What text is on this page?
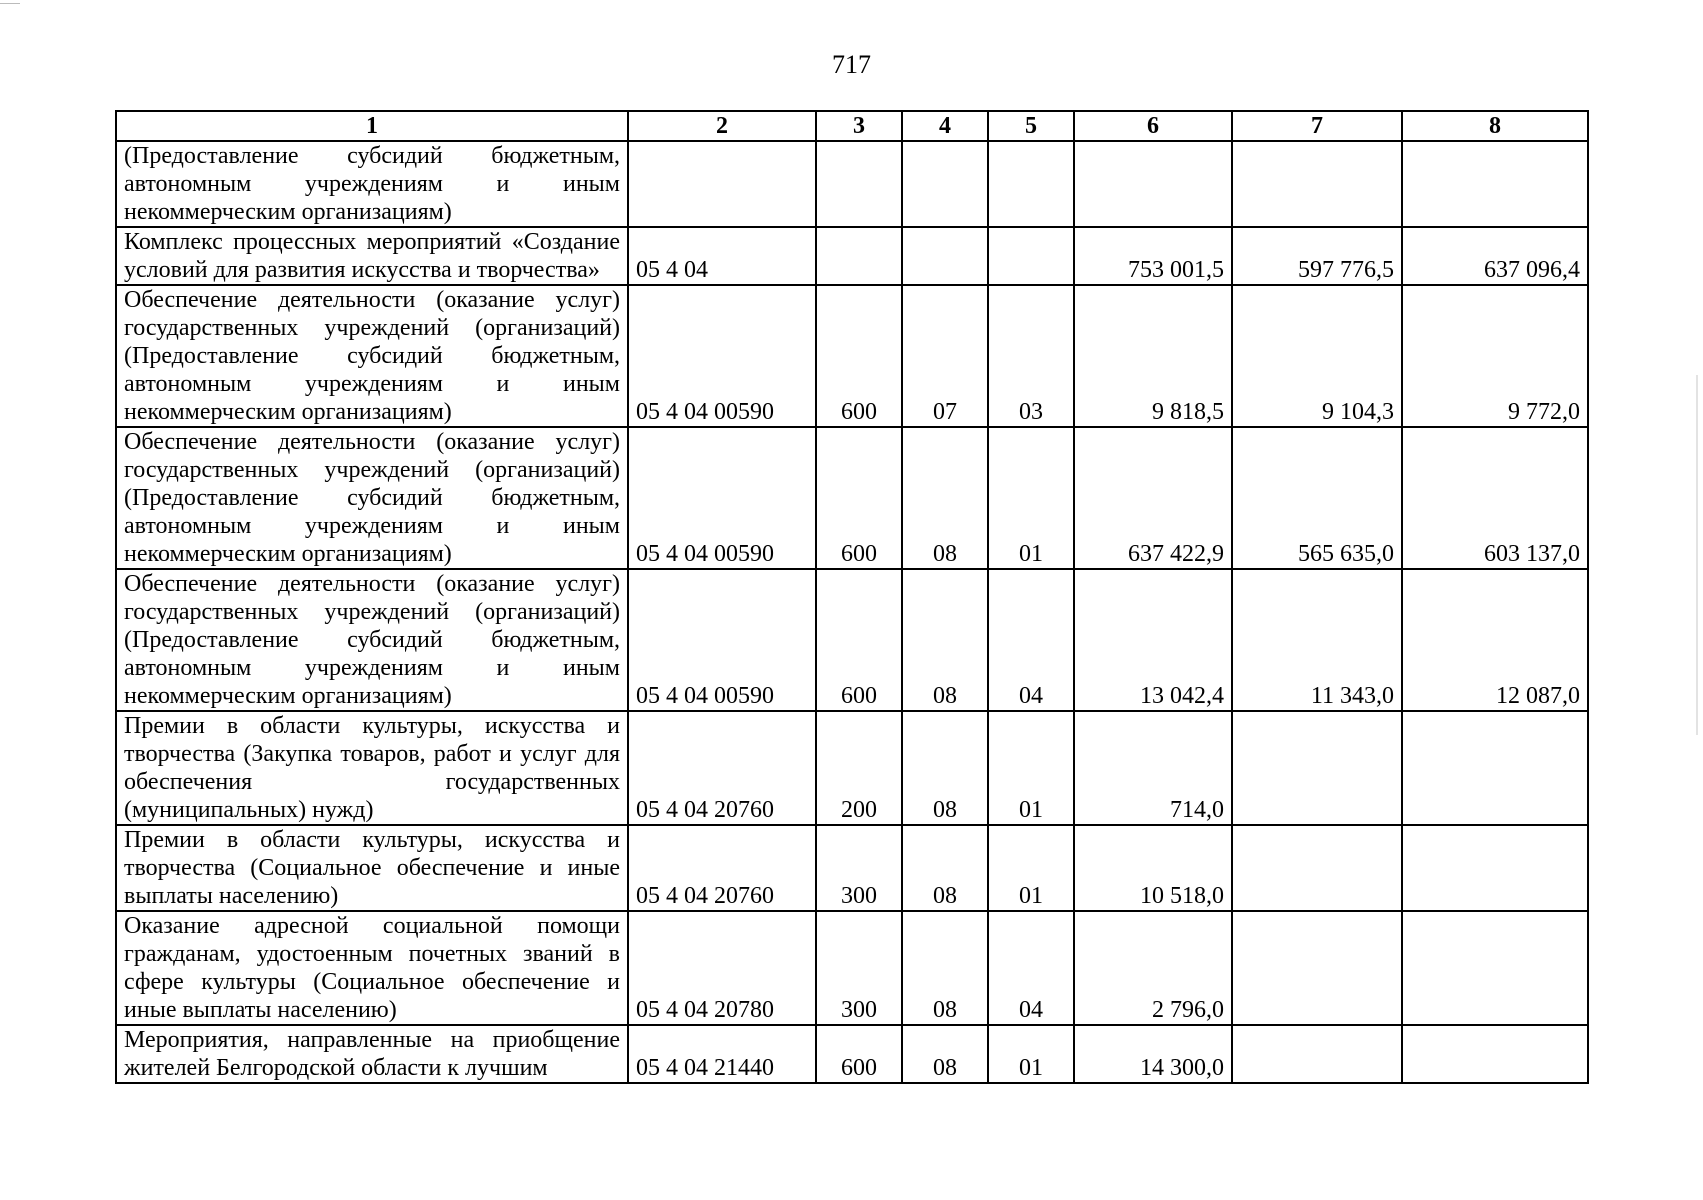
717
1	2	3	4	5	6	7	8
(Предоставление субсидий бюджетным, автономным учреждениям и иным некоммерческим организациям)							
Комплекс процессных мероприятий «Создание условий для развития искусства и творчества»	05 4 04				753 001,5	597 776,5	637 096,4
Обеспечение деятельности (оказание услуг) государственных учреждений (организаций) (Предоставление субсидий бюджетным, автономным учреждениям и иным некоммерческим организациям)	05 4 04 00590	600	07	03	9 818,5	9 104,3	9 772,0
Обеспечение деятельности (оказание услуг) государственных учреждений (организаций) (Предоставление субсидий бюджетным, автономным учреждениям и иным некоммерческим организациям)	05 4 04 00590	600	08	01	637 422,9	565 635,0	603 137,0
Обеспечение деятельности (оказание услуг) государственных учреждений (организаций) (Предоставление субсидий бюджетным, автономным учреждениям и иным некоммерческим организациям)	05 4 04 00590	600	08	04	13 042,4	11 343,0	12 087,0
Премии в области культуры, искусства и творчества (Закупка товаров, работ и услуг для обеспечения государственных (муниципальных) нужд)	05 4 04 20760	200	08	01	714,0		
Премии в области культуры, искусства и творчества (Социальное обеспечение и иные выплаты населению)	05 4 04 20760	300	08	01	10 518,0		
Оказание адресной социальной помощи гражданам, удостоенным почетных званий в сфере культуры (Социальное обеспечение и иные выплаты населению)	05 4 04 20780	300	08	04	2 796,0		
Мероприятия, направленные на приобщение жителей Белгородской области к лучшим	05 4 04 21440	600	08	01	14 300,0		
